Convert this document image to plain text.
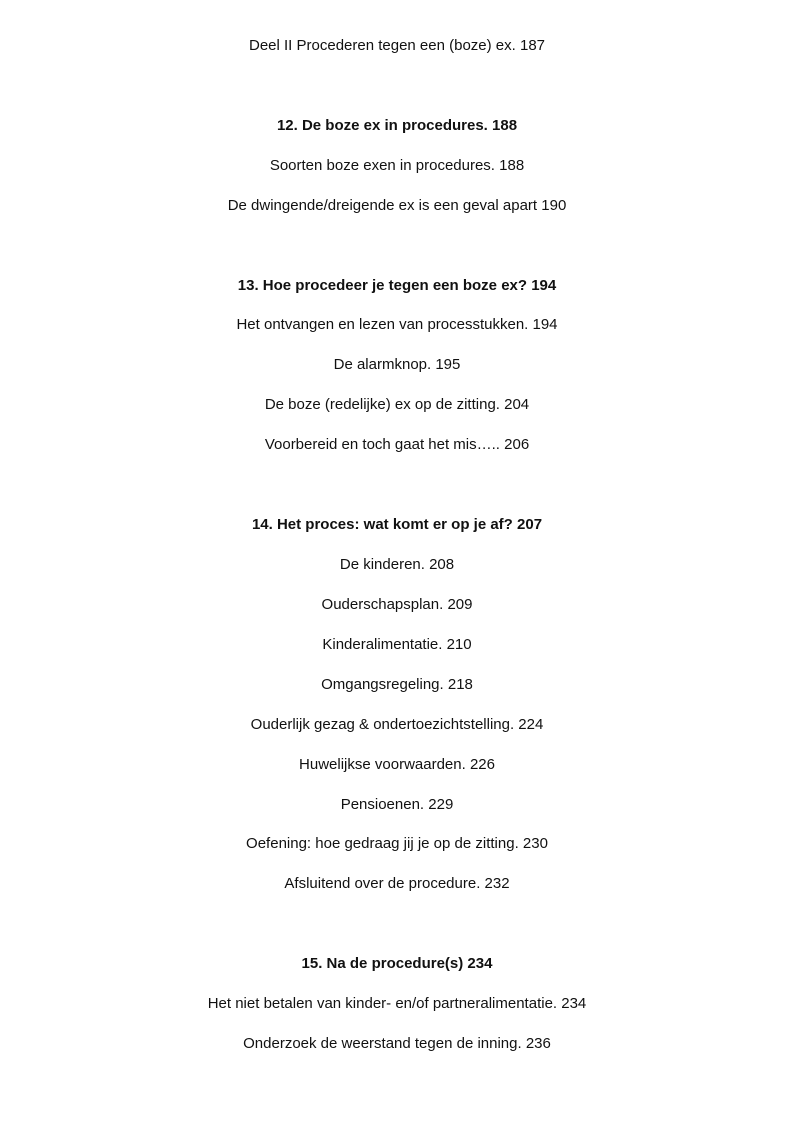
Deel II Procederen tegen een (boze) ex. 187
12. De boze ex in procedures. 188
Soorten boze exen in procedures. 188
De dwingende/dreigende ex is een geval apart 190
13. Hoe procedeer je tegen een boze ex? 194
Het ontvangen en lezen van processtukken. 194
De alarmknop. 195
De boze (redelijke) ex op de zitting. 204
Voorbereid en toch gaat het mis….. 206
14. Het proces: wat komt er op je af? 207
De kinderen. 208
Ouderschapsplan. 209
Kinderalimentatie. 210
Omgangsregeling. 218
Ouderlijk gezag & ondertoezichtstelling. 224
Huwelijkse voorwaarden. 226
Pensioenen. 229
Oefening: hoe gedraag jij je op de zitting. 230
Afsluitend over de procedure. 232
15. Na de procedure(s) 234
Het niet betalen van kinder- en/of partneralimentatie. 234
Onderzoek de weerstand tegen de inning. 236
